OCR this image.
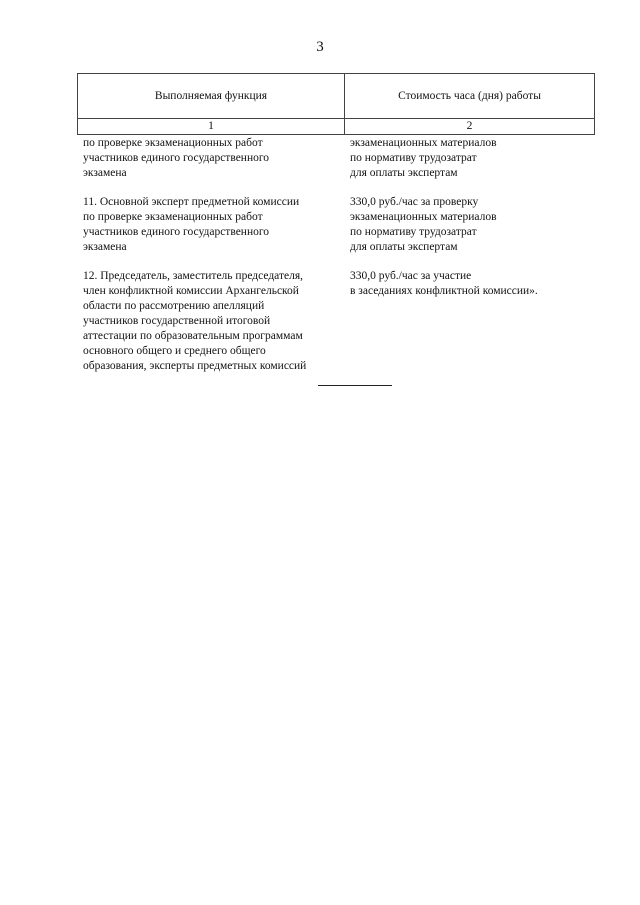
3
Выполняемая функция	Стоимость часа (дня) работы
1	2
по проверке экзаменационных работ
участников единого государственного
экзамена
экзаменационных материалов
по нормативу трудозатрат
для оплаты экспертам
11. Основной эксперт предметной комиссии
по проверке экзаменационных работ
участников единого государственного
экзамена
330,0 руб./час за проверку
экзаменационных материалов
по нормативу трудозатрат
для оплаты экспертам
12. Председатель, заместитель председателя,
член конфликтной комиссии Архангельской
области по рассмотрению апелляций
участников государственной итоговой
аттестации по образовательным программам
основного общего и среднего общего
образования, эксперты предметных комиссий
330,0 руб./час за участие
в заседаниях конфликтной комиссии».
